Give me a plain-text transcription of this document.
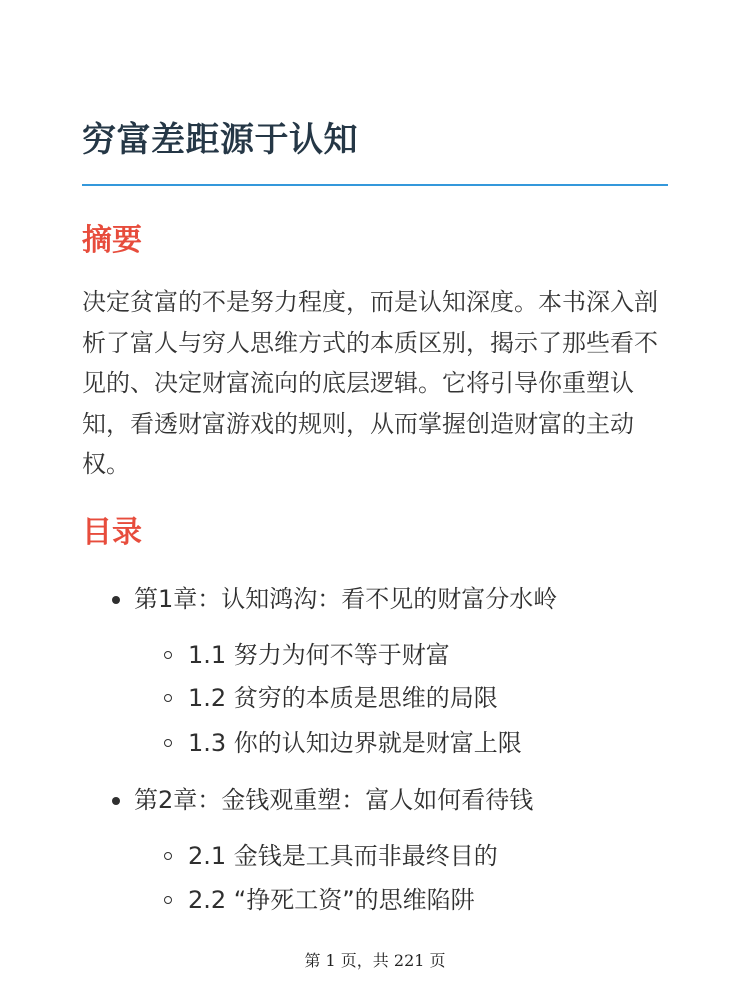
穷富差距源于认知
摘要
决定贫富的不是努力程度，而是认知深度。本书深入剖析了富人与穷人思维方式的本质区别，揭示了那些看不见的、决定财富流向的底层逻辑。它将引导你重塑认知，看透财富游戏的规则，从而掌握创造财富的主动权。
目录
第1章：认知鸿沟：看不见的财富分水岭
1.1 努力为何不等于财富
1.2 贫穷的本质是思维的局限
1.3 你的认知边界就是财富上限
第2章：金钱观重塑：富人如何看待钱
2.1 金钱是工具而非最终目的
2.2 “挣死工资”的思维陷阱
第 1 页，共 221 页
